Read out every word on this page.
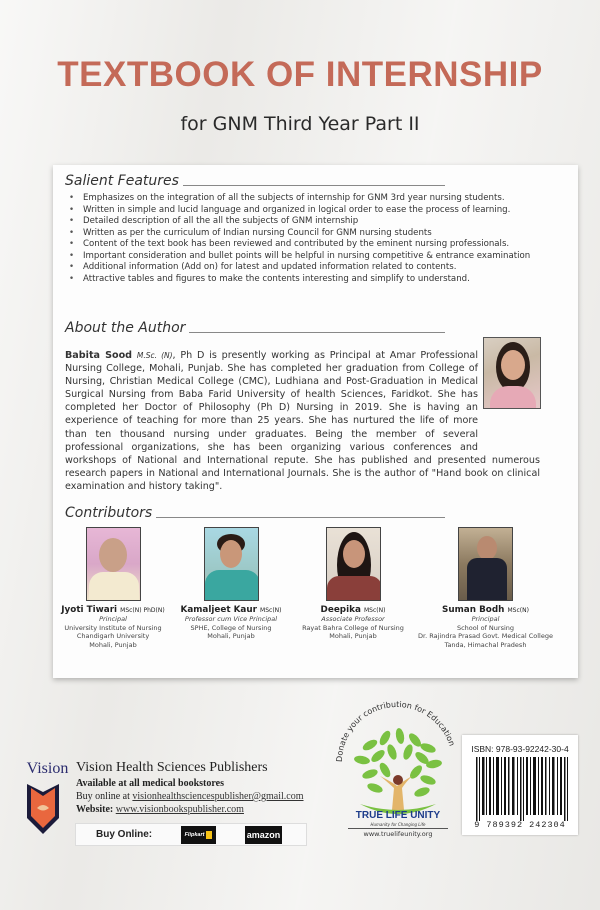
TEXTBOOK OF INTERNSHIP
for GNM Third Year Part II
Salient Features
• Emphasizes on the integration of all the subjects of internship for GNM 3rd year nursing students.
• Written in simple and lucid language and organized in logical order to ease the process of learning.
• Detailed description of all the all the subjects of GNM internship
• Written as per the curriculum of Indian nursing Council for GNM nursing students
• Content of the text book has been reviewed and contributed by the eminent nursing professionals.
• Important consideration and bullet points will be helpful in nursing competitive & entrance examination
• Additional information (Add on) for latest and updated information related to contents.
• Attractive tables and figures to make the contents interesting and simplify to understand.
About the Author

Babita Sood M.Sc. (N), Ph D is presently working as Principal at Amar Professional Nursing College, Mohali, Punjab. She has completed her graduation from College of Nursing, Christian Medical College (CMC), Ludhiana and Post-Graduation in Medical Surgical Nursing from Baba Farid University of health Sciences, Faridkot. She has completed her Doctor of Philosophy (Ph D) Nursing in 2019. She is having an experience of teaching for more than 25 years. She has nurtured the life of more than ten thousand nursing under graduates. Being the member of several professional organizations, she has been organizing various conferences and workshops of National and International repute. She has published and presented numerous research papers in National and International Journals. She is the author of "Hand book on clinical examination and history taking".

Contributors
Jyoti Tiwari MSc(N) PhD(N)
Principal
University Institute of Nursing
Chandigarh University
Mohali, Punjab
Kamaljeet Kaur MSc(N)
Professor cum Vice Principal
SPHE, College of Nursing
Mohali, Punjab
Deepika MSc(N)
Associate Professor
Rayat Bahra College of Nursing
Mohali, Punjab
Suman Bodh MSc(N)
Principal
School of Nursing
Dr. Rajindra Prasad Govt. Medical College
Tanda, Himachal Pradesh
Vision Vision Health Sciences Publishers
Available at all medical bookstores
Buy online at visionhealthsciencespublisher@gmail.com
Website: www.visionbookspublisher.com
Buy Online:	Flipkart	amazon
Donate your contribution for Education
TRUE LIFE UNITY
Humanity for Changing Life
www.truelifeunity.org
ISBN: 978-93-92242-30-4
9 789392 242304
